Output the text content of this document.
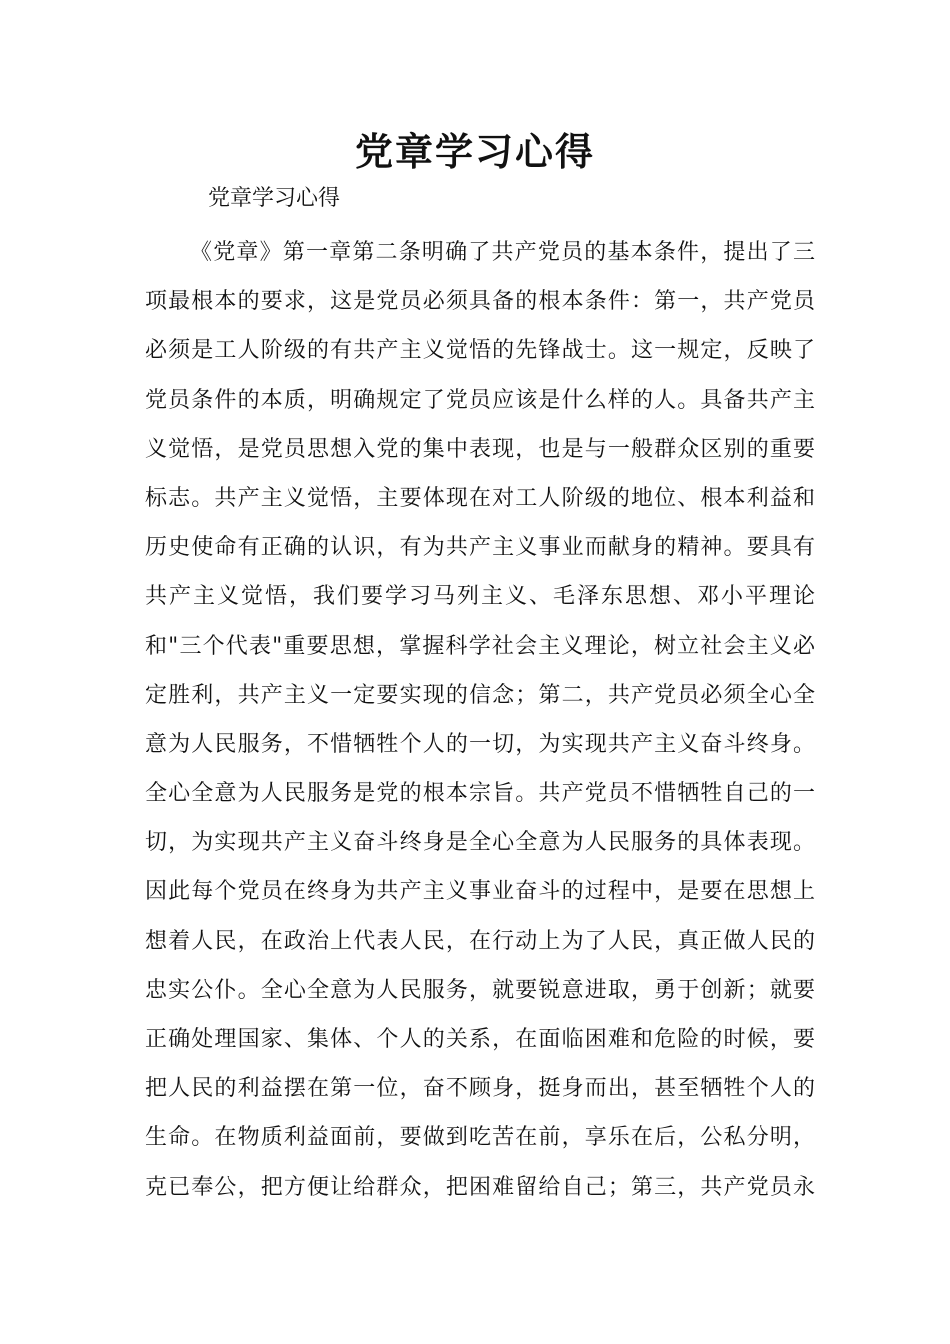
党章学习心得

党章学习心得

《党章》第一章第二条明确了共产党员的基本条件，提出了三
项最根本的要求，这是党员必须具备的根本条件：第一，共产党员
必须是工人阶级的有共产主义觉悟的先锋战士。这一规定，反映了
党员条件的本质，明确规定了党员应该是什么样的人。具备共产主
义觉悟，是党员思想入党的集中表现，也是与一般群众区别的重要
标志。共产主义觉悟，主要体现在对工人阶级的地位、根本利益和
历史使命有正确的认识，有为共产主义事业而献身的精神。要具有
共产主义觉悟，我们要学习马列主义、毛泽东思想、邓小平理论
和"三个代表"重要思想，掌握科学社会主义理论，树立社会主义必
定胜利，共产主义一定要实现的信念；第二，共产党员必须全心全
意为人民服务，不惜牺牲个人的一切，为实现共产主义奋斗终身。
全心全意为人民服务是党的根本宗旨。共产党员不惜牺牲自己的一
切，为实现共产主义奋斗终身是全心全意为人民服务的具体表现。
因此每个党员在终身为共产主义事业奋斗的过程中，是要在思想上
想着人民，在政治上代表人民，在行动上为了人民，真正做人民的
忠实公仆。全心全意为人民服务，就要锐意进取，勇于创新；就要
正确处理国家、集体、个人的关系，在面临困难和危险的时候，要
把人民的利益摆在第一位，奋不顾身，挺身而出，甚至牺牲个人的
生命。在物质利益面前，要做到吃苦在前，享乐在后，公私分明，
克已奉公，把方便让给群众，把困难留给自己；第三，共产党员永
